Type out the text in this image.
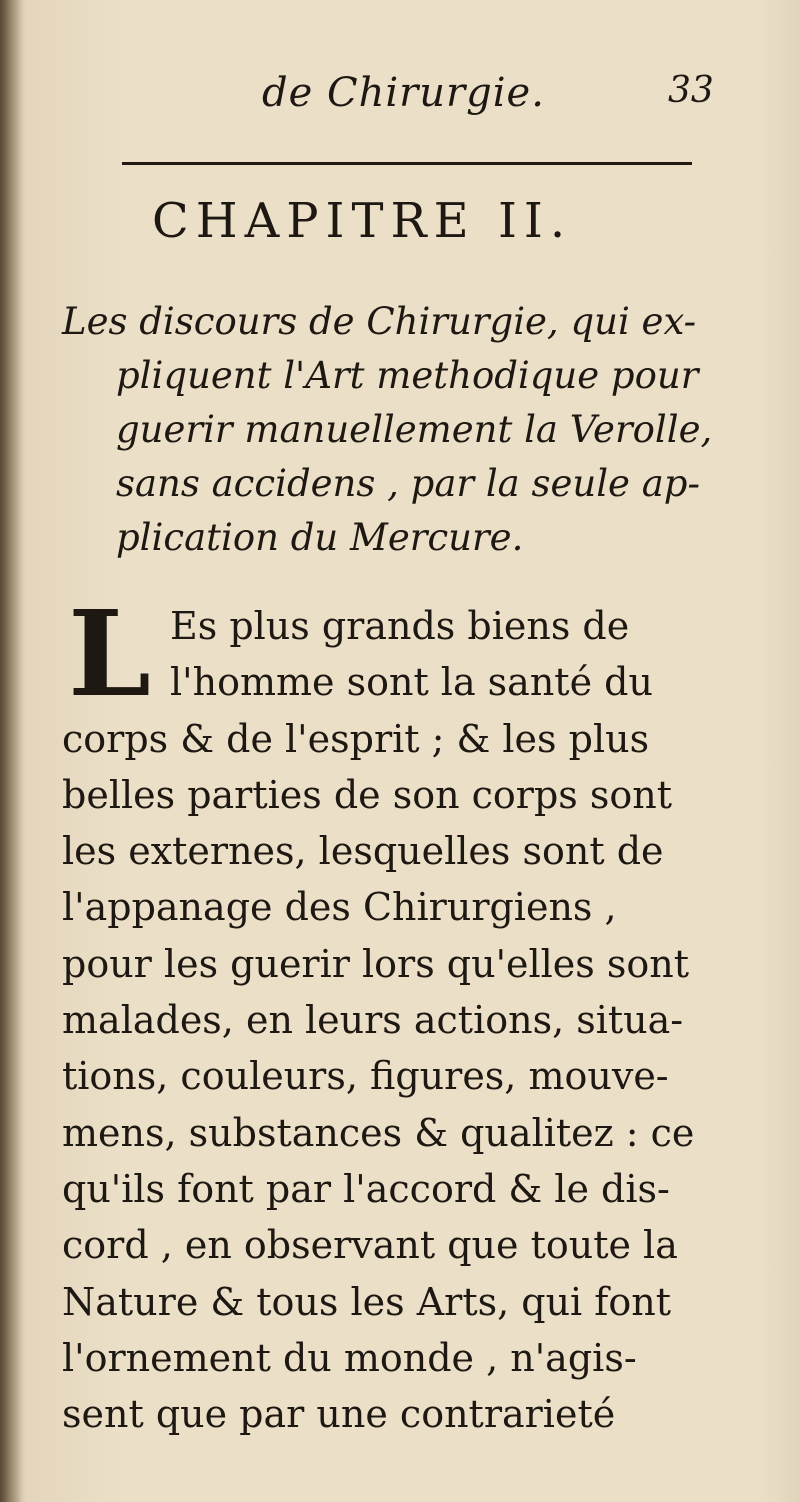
de Chirurgie.	33
CHAPITRE II.
Les discours de Chirurgie, qui ex-
pliquent l'Art methodique pour
guerir manuellement la Verolle,
sans accidens , par la seule ap-
plication du Mercure.
L Es plus grands biens de
l'homme sont la santé du
corps & de l'esprit ; & les plus
belles parties de son corps sont
les externes, lesquelles sont de
l'appanage des Chirurgiens ,
pour les guerir lors qu'elles sont
malades, en leurs actions, situa-
tions, couleurs, figures, mouve-
mens, substances & qualitez : ce
qu'ils font par l'accord & le dis-
cord , en observant que toute la
Nature & tous les Arts, qui font
l'ornement du monde , n'agis-
sent que par une contrarieté
